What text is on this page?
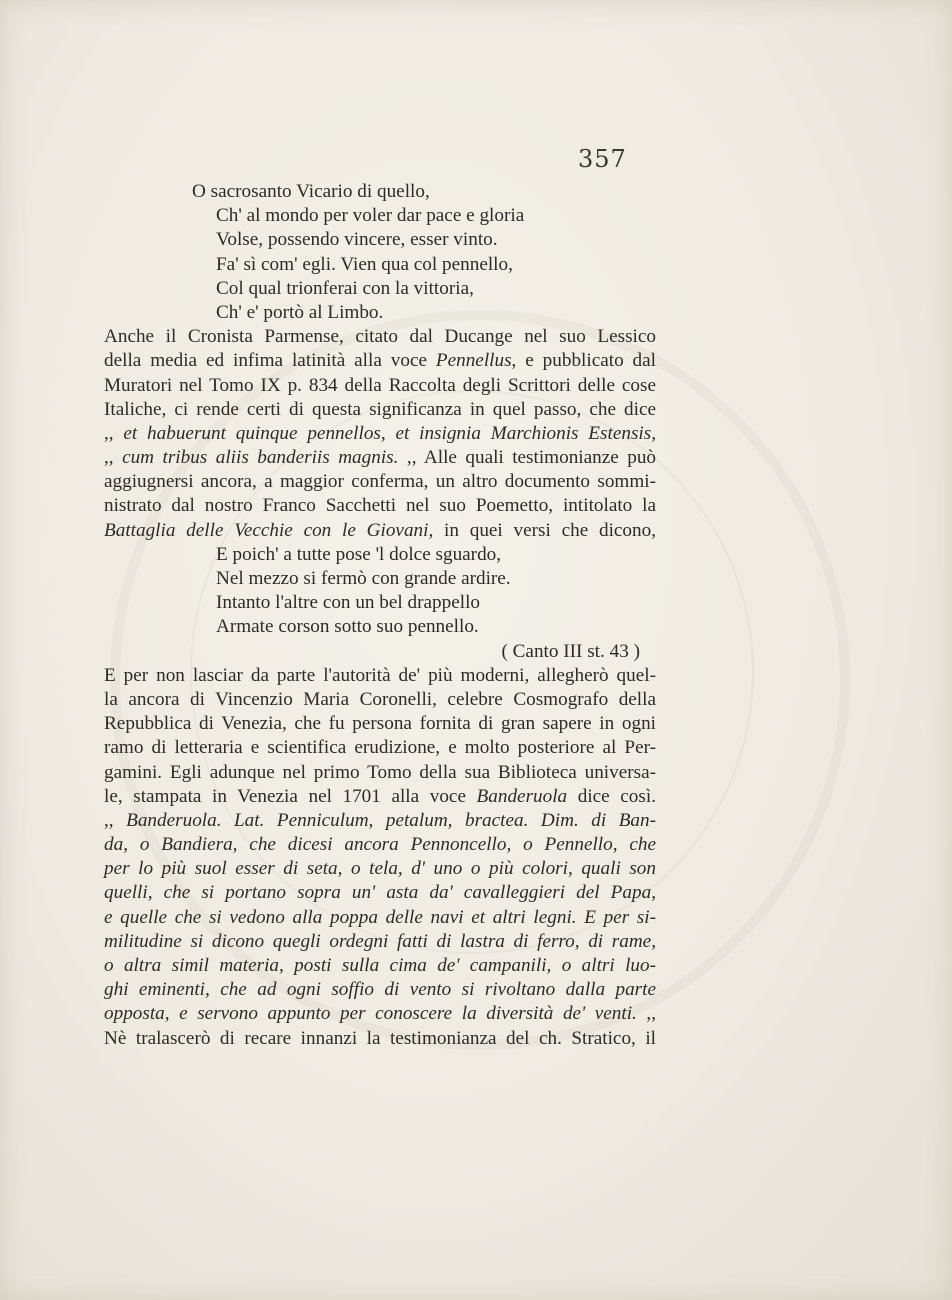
357
O sacrosanto Vicario di quello,
Ch' al mondo per voler dar pace e gloria
Volse, possendo vincere, esser vinto.
Fa' sì com' egli. Vien qua col pennello,
Col qual trionferai con la vittoria,
Ch' e' portò al Limbo.
Anche il Cronista Parmense, citato dal Ducange nel suo Lessico
della media ed infima latinità alla voce Pennellus, e pubblicato dal
Muratori nel Tomo IX p. 834 della Raccolta degli Scrittori delle cose
Italiche, ci rende certi di questa significanza in quel passo, che dice
,, et habuerunt quinque pennellos, et insignia Marchionis Estensis,
,, cum tribus aliis banderiis magnis. ,, Alle quali testimonianze può
aggiugnersi ancora, a maggior conferma, un altro documento sommi-
nistrato dal nostro Franco Sacchetti nel suo Poemetto, intitolato la
Battaglia delle Vecchie con le Giovani, in quei versi che dicono,
E poich' a tutte pose 'l dolce sguardo,
Nel mezzo si fermò con grande ardire.
Intanto l'altre con un bel drappello
Armate corson sotto suo pennello.
( Canto III st. 43 )
E per non lasciar da parte l'autorità de' più moderni, allegherò quel-
la ancora di Vincenzio Maria Coronelli, celebre Cosmografo della
Repubblica di Venezia, che fu persona fornita di gran sapere in ogni
ramo di letteraria e scientifica erudizione, e molto posteriore al Per-
gamini. Egli adunque nel primo Tomo della sua Biblioteca universa-
le, stampata in Venezia nel 1701 alla voce Banderuola dice così.
,, Banderuola. Lat. Penniculum, petalum, bractea. Dim. di Ban-
da, o Bandiera, che dicesi ancora Pennoncello, o Pennello, che
per lo più suol esser di seta, o tela, d' uno o più colori, quali son
quelli, che si portano sopra un' asta da' cavalleggieri del Papa,
e quelle che si vedono alla poppa delle navi et altri legni. E per si-
militudine si dicono quegli ordegni fatti di lastra di ferro, di rame,
o altra simil materia, posti sulla cima de' campanili, o altri luo-
ghi eminenti, che ad ogni soffio di vento si rivoltano dalla parte
opposta, e servono appunto per conoscere la diversità de' venti. ,,
Nè tralascerò di recare innanzi la testimonianza del ch. Stratico, il
